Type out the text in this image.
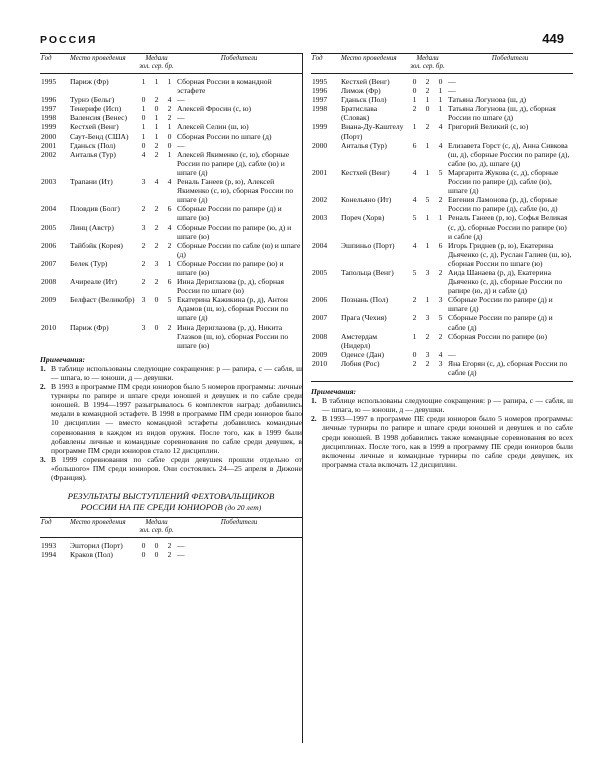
РОССИЯ	449
Год	Место проведения	Медали
зол. сер. бр.			Победители
1995	Париж (Фр)	1	1	1	Сборная России в командной эстафете
1996	Турнэ (Бельг)	0	2	4	—
1997	Тенерифе (Исп)	1	0	2	Алексей Фросин (с, ю)
1998	Валенсия (Венес)	0	1	2	—
1999	Кестхей (Венг)	1	1	1	Алексей Селин (ш, ю)
2000	Саут-Бенд (США)	1	1	0	Сборная России по шпаге (д)
2001	Гданьск (Пол)	0	2	0	—
2002	Анталья (Тур)	4	2	1	Алексей Якименко (с, ю), сборные России по рапире (д), сабле (ю) и шпаге (д)
2003	Трапани (Ит)	3	4	4	Реналь Ганеев (р, ю), Алексей Якименко (с, ю), сборная России по шпаге (д)
2004	Пловдив (Болг)	2	2	6	Сборные России по рапире (д) и шпаге (ю)
2005	Линц (Австр)	3	2	4	Сборные России по рапире (ю, д) и шпаге (ю)
2006	Тайбэйк (Корея)	2	2	2	Сборные России по сабле (ю) и шпаге (д)
2007	Белек (Тур)	2	3	1	Сборные России по рапире (ю) и шпаге (ю)
2008	Ачиреале (Ит)	2	2	6	Инна Дериглазова (р, д), сборная России по шпаге (ю)
2009	Белфаст (Великобр)	3	0	5	Екатерина Кажикина (р, д), Антон Адамов (ш, ю), сборная России по шпаге (д)
2010	Париж (Фр)	3	0	2	Инна Дериглазова (р, д), Никита Глазков (ш, ю), сборная России по шпаге (ю)
Примечания:
1. В таблице использованы следующие сокращения: р — рапира, с — сабля, ш — шпага, ю — юноши, д — девушки.
2. В 1993 в программе ПМ среди юниоров было 5 номеров программы: личные турниры по рапире и шпаге среди юношей и девушек и по сабле среди юношей. В 1994—1997 разыгрывалось 6 комплектов наград: добавились медали в командной эстафете. В 1998 в программе ПМ среди юниоров было 10 дисциплин — вместо командной эстафеты добавились командные соревнования в каждом из видов оружия. После того, как в 1999 были добавлены личные и командные соревнования по сабле среди девушек, в программе ПМ среди юниоров стало 12 дисциплин.
3. В 1999 соревнования по сабле среди девушек прошли отдельно от «большого» ПМ среди юниоров. Они состоялись 24—25 апреля в Дижоне (Франция).
РЕЗУЛЬТАТЫ ВЫСТУПЛЕНИЙ ФЕХТОВАЛЬЩИКОВ
РОССИИ НА ПЕ СРЕДИ ЮНИОРОВ (до 20 лет)
Год	Место проведения	Медали
зол. сер. бр.			Победители
1993	Эшторил (Порт)	0	0	2	—
1994	Краков (Пол)	0	0	2	—
Год	Место проведения	Медали
зол. сер. бр.			Победители
1995	Кестхей (Венг)	0	2	0	—
1996	Лимож (Фр)	0	2	1	—
1997	Гданьск (Пол)	1	1	1	Татьяна Логунова (ш, д)
1998	Братислава (Словак)	2	0	1	Татьяна Логунова (ш, д), сборная России по шпаге (д)
1999	Виана-Ду-Каштелу (Порт)	1	2	4	Григорий Великий (с, ю)
2000	Анталья (Тур)	6	1	4	Елизавета Горст (с, д), Анна Сивкова (ш, д), сборные России по рапире (д), сабле (ю, д), шпаге (д)
2001	Кестхей (Венг)	4	1	5	Маргарита Жукова (с, д), сборные России по рапире (д), сабле (ю), шпаге (д)
2002	Конельяно (Ит)	4	5	2	Евгения Ламонова (р, д), сборные России по рапире (д), сабле (ю, д)
2003	Пореч (Хорв)	5	1	1	Реналь Ганеев (р, ю), Софья Великая (с, д), сборные России по рапире (ю) и сабле (д)
2004	Эшпиньо (Порт)	4	1	6	Игорь Гриднев (р, ю), Екатерина Дьяченко (с, д), Руслан Галиев (ш, ю), сборная России по шпаге (ю)
2005	Тапольца (Венг)	5	3	2	Аида Шанаева (р, д), Екатерина Дьяченко (с, д), сборные России по рапире (ю, д) и сабле (д)
2006	Познань (Пол)	2	1	3	Сборные России по рапире (д) и шпаге (д)
2007	Прага (Чехия)	2	3	5	Сборные России по рапире (д) и сабле (д)
2008	Амстердам (Нидерл)	1	2	2	Сборная России по рапире (ю)
2009	Оденсе (Дан)	0	3	4	—
2010	Лобня (Рос)	2	2	3	Яна Егорян (с, д), сборная России по сабле (д)
Примечания:
1. В таблице использованы следующие сокращения: р — рапира, с — сабля, ш — шпага, ю — юноши, д — девушки.
2. В 1993—1997 в программе ПЕ среди юниоров было 5 номеров программы: личные турниры по рапире и шпаге среди юношей и девушек и по сабле среди юношей. В 1998 добавились также командные соревнования во всех дисциплинах. После того, как в 1999 в программу ПЕ среди юниоров были включены личные и командные турниры по сабле среди девушек, их программа стала включать 12 дисциплин.
